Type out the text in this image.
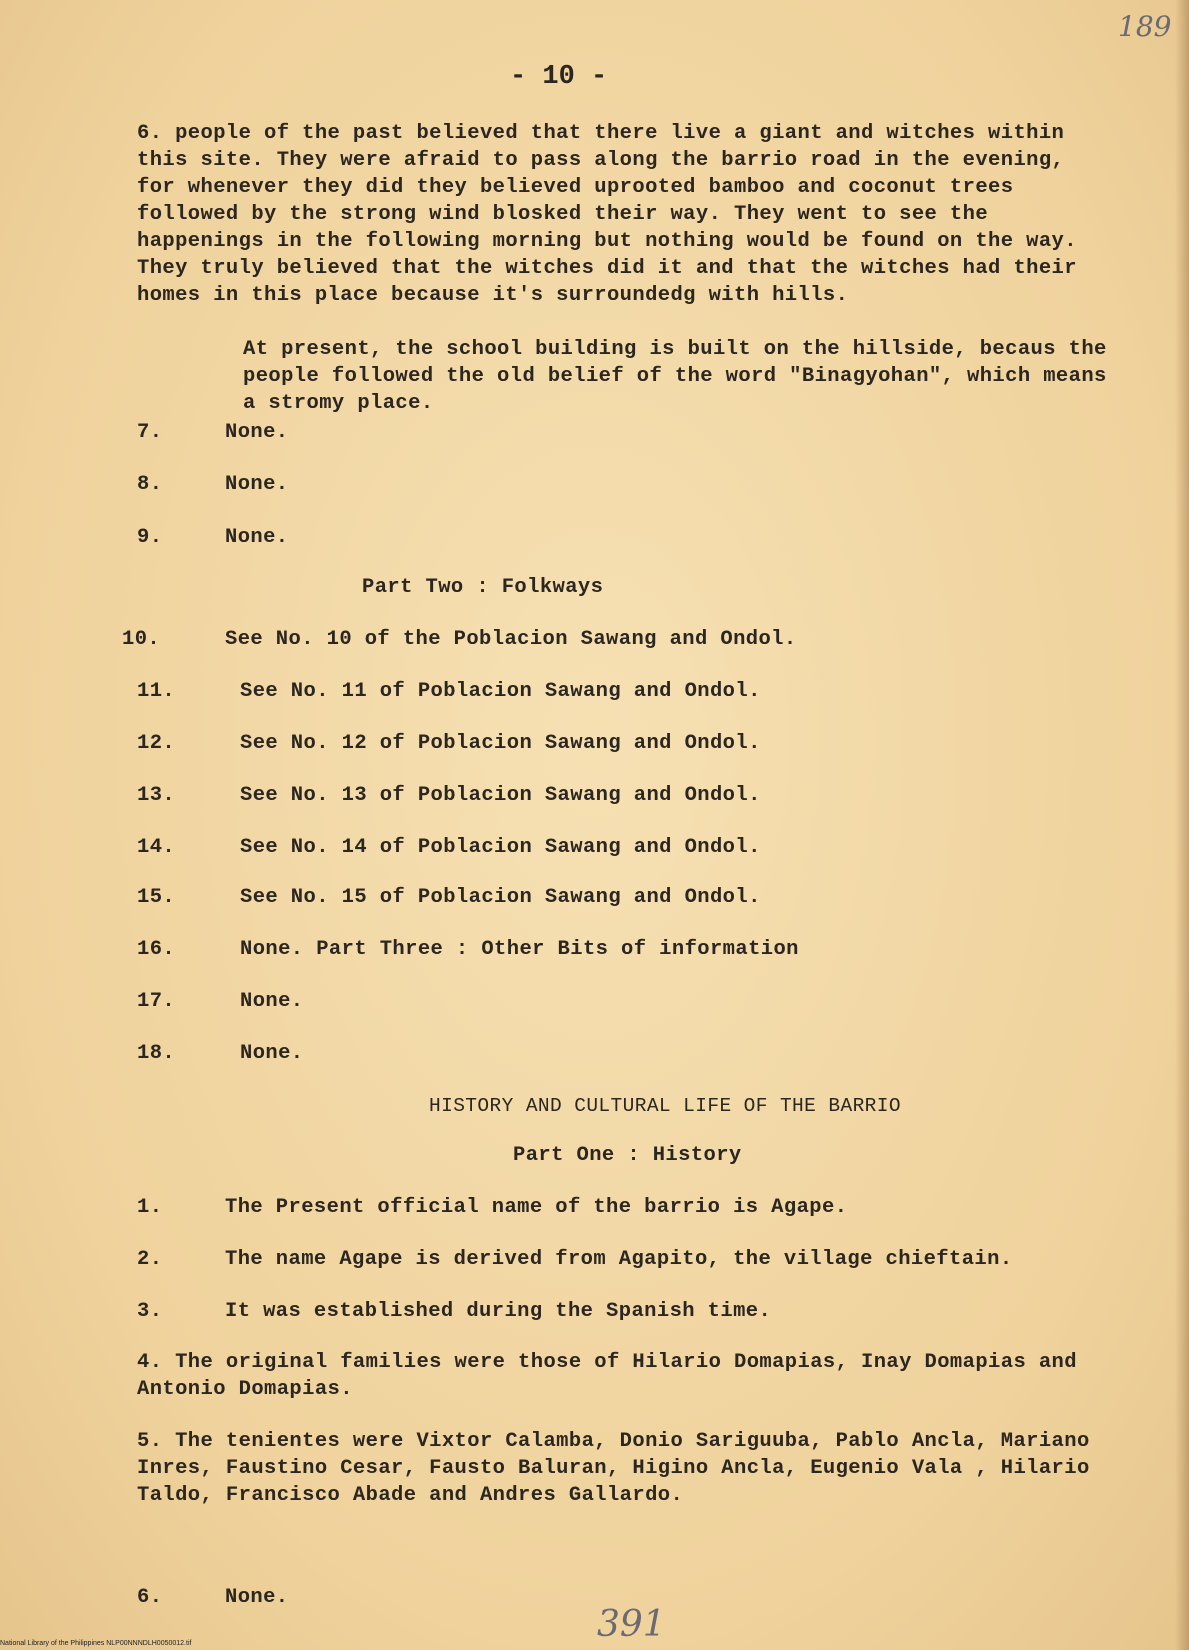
189
- 10 -
6. people of the past believed that there live a giant and witches within this site. They were afraid to pass along the barrio road in the evening, for whenever they did they believed uprooted bamboo and coconut trees followed by the strong wind blosked their way. They went to see the happenings in the following morning but nothing would be found on the way. They truly believed that the witches did it and that the witches had their homes in this place because it's surroundedg with hills.
At present, the school building is built on the hillside, becaus the people followed the old belief of the word "Binagyohan", which means a stromy place.
7.	None.
8.	None.
9.	None.
Part Two : Folkways
10.	See No. 10 of the Poblacion Sawang and Ondol.
11.	See No. 11 of Poblacion Sawang and Ondol.
12.	See No. 12 of Poblacion Sawang and Ondol.
13.	See No. 13 of Poblacion Sawang and Ondol.
14.	See No. 14 of Poblacion Sawang and Ondol.
15.	See No. 15 of Poblacion Sawang and Ondol.
16.	None. Part Three : Other Bits of information
17.	None.
18.	None.
HISTORY AND CULTURAL LIFE OF THE BARRIO
Part One : History
1.	The Present official name of the barrio is Agape.
2.	The name Agape is derived from Agapito, the village chieftain.
3.	It was established during the Spanish time.
4. The original families were those of Hilario Domapias, Inay Domapias and Antonio Domapias.
5. The tenientes were Vixtor Calamba, Donio Sariguuba, Pablo Ancla, Mariano Inres, Faustino Cesar, Fausto Baluran, Higino Ancla, Eugenio Vala , Hilario Taldo, Francisco Abade and Andres Gallardo.
6.	None.
391
National Library of the Philippines NLP00NNNDLH0050012.tif
